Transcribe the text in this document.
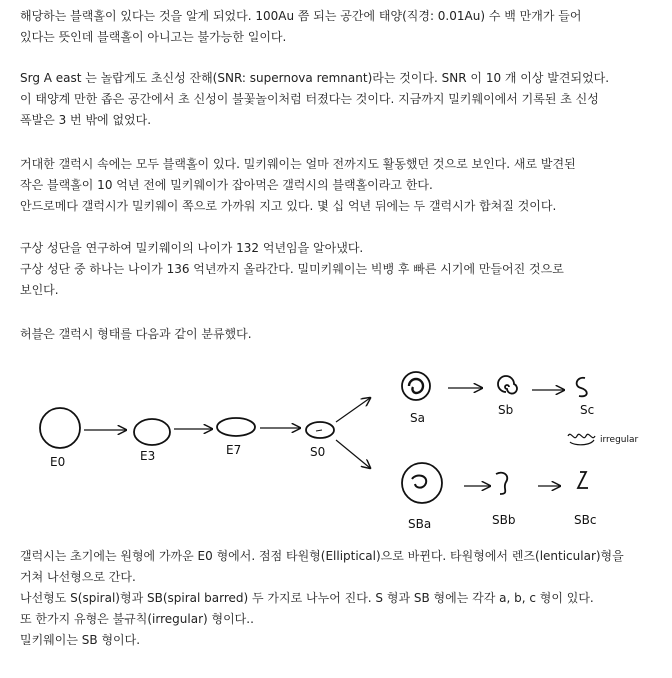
해당하는 블랙홀이 있다는 것을 알게 되었다. 100Au 쯤 되는 공간에 태양(직경: 0.01Au) 수 백 만개가 들어

있다는 뜻인데 블랙홀이 아니고는 불가능한 일이다.

Srg A east 는 놀랍게도 초신성 잔해(SNR: supernova remnant)라는 것이다. SNR 이 10 개 이상 발견되었다.

이 태양계 만한 좁은 공간에서 초 신성이 불꽃놀이처럼 터졌다는 것이다. 지금까지 밀키웨이에서 기록된 초 신성

폭발은 3 번 밖에 없었다.

거대한 갤럭시 속에는 모두 블랙홀이 있다. 밀키웨이는 얼마 전까지도 활동했던 것으로 보인다. 새로 발견된

작은 블랙홀이 10 억년 전에 밀키웨이가 잡아먹은 갤럭시의 블랙홀이라고 한다.

안드로메다 갤럭시가 밀키웨이 쪽으로 가까워 지고 있다. 몇 십 억년 뒤에는 두 갤럭시가 합쳐질 것이다.

구상 성단을 연구하여 밀키웨이의 나이가 132 억년임을 알아냈다.

구상 성단 중 하나는 나이가 136 억년까지 올라간다. 밀미키웨이는 빅뱅 후 빠른 시기에 만들어진 것으로

보인다.

허블은 갤럭시 형태를 다음과 같이 분류했다.

E0	E3	E7	S0
Sa
Sb	Sc
irregular
SBa	SBb	SBc

갤럭시는 초기에는 원형에 가까운 E0 형에서. 점점 타원형(Elliptical)으로 바뀐다. 타원형에서 렌즈(lenticular)형을

거쳐 나선형으로 간다.

나선형도 S(spiral)형과 SB(spiral barred) 두 가지로 나누어 진다. S 형과 SB 형에는 각각 a, b, c 형이 있다.

또 한가지 유형은 불규칙(irregular) 형이다..

밀키웨이는 SB 형이다.
